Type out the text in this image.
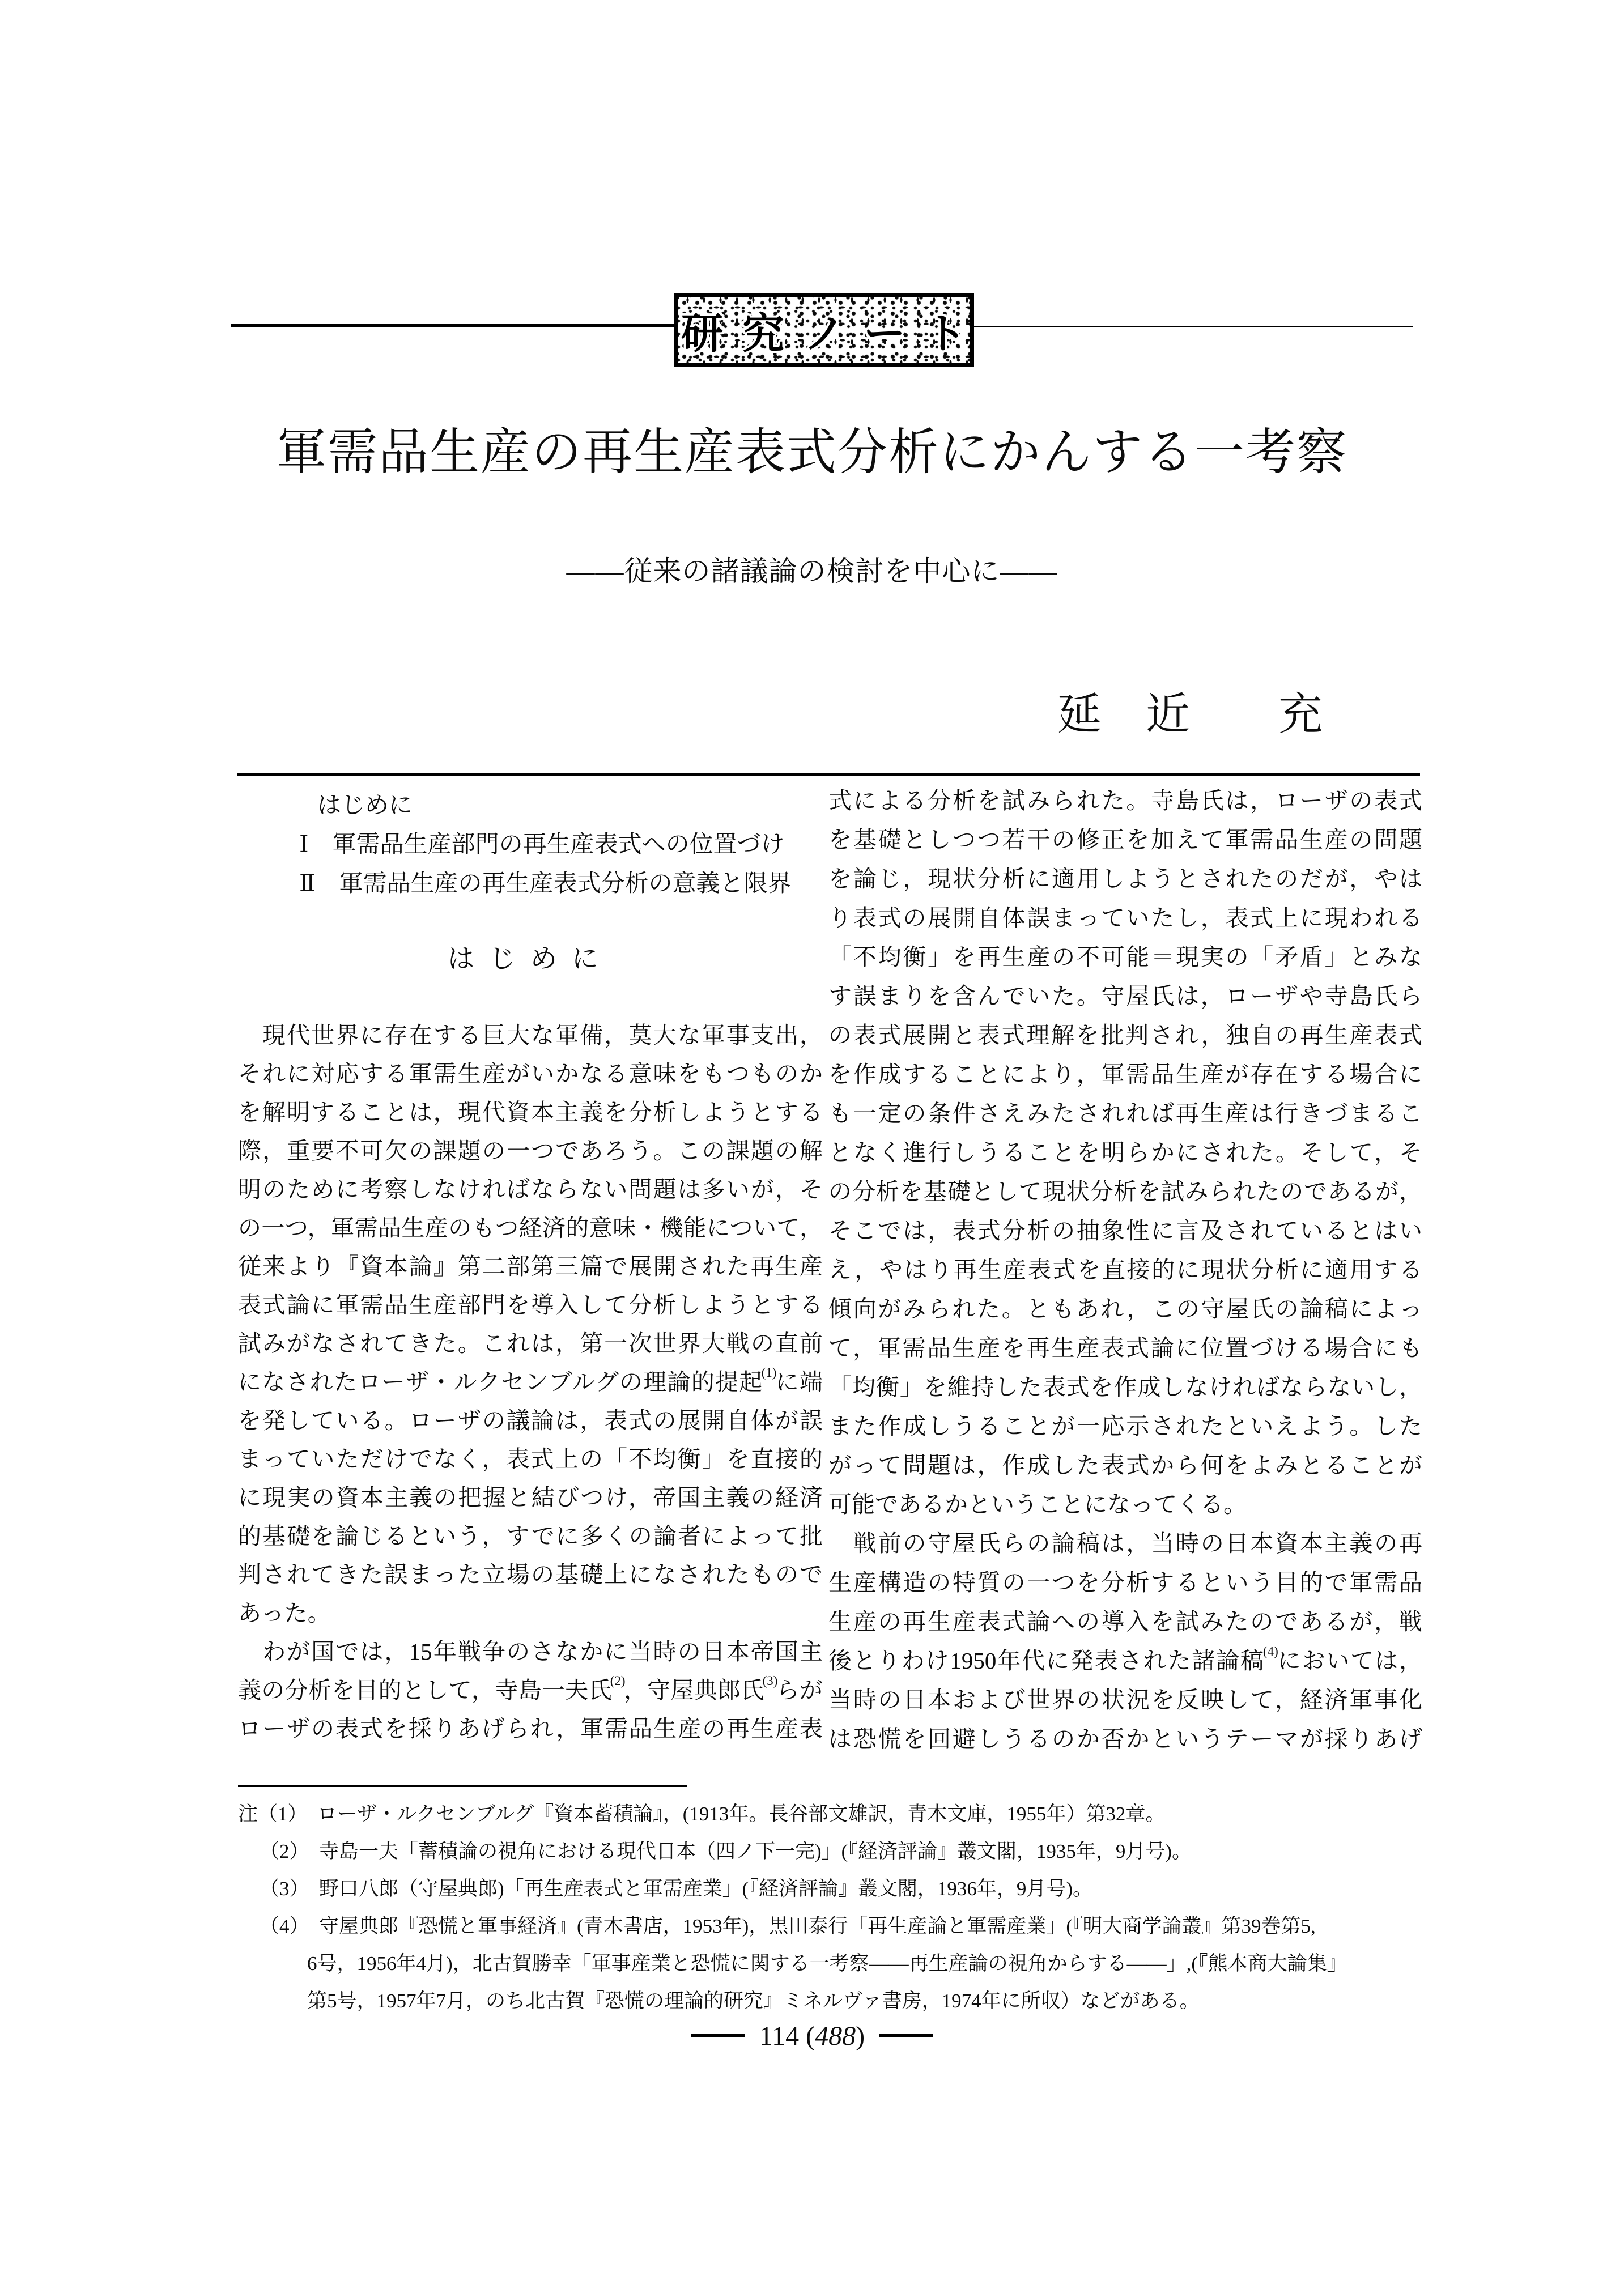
研究ノート
軍需品生産の再生産表式分析にかんする一考察
――従来の諸議論の検討を中心に――
延　近　　充
はじめに
Ⅰ　軍需品生産部門の再生産表式への位置づけ
Ⅱ　軍需品生産の再生産表式分析の意義と限界
はじめに
　現代世界に存在する巨大な軍備，莫大な軍事支出，
それに対応する軍需生産がいかなる意味をもつものか
を解明することは，現代資本主義を分析しようとする
際，重要不可欠の課題の一つであろう。この課題の解
明のために考察しなければならない問題は多いが，そ
の一つ，軍需品生産のもつ経済的意味・機能について，
従来より『資本論』第二部第三篇で展開された再生産
表式論に軍需品生産部門を導入して分析しようとする
試みがなされてきた。これは，第一次世界大戦の直前
になされたローザ・ルクセンブルグの理論的提起$^{(1)}$に端
を発している。ローザの議論は，表式の展開自体が誤
まっていただけでなく，表式上の「不均衡」を直接的
に現実の資本主義の把握と結びつけ，帝国主義の経済
的基礎を論じるという，すでに多くの論者によって批
判されてきた誤まった立場の基礎上になされたもので
あった。
　わが国では，15年戦争のさなかに当時の日本帝国主
義の分析を目的として，寺島一夫氏$^{(2)}$，守屋典郎氏$^{(3)}$らが
ローザの表式を採りあげられ，軍需品生産の再生産表
式による分析を試みられた。寺島氏は，ローザの表式
を基礎としつつ若干の修正を加えて軍需品生産の問題
を論じ，現状分析に適用しようとされたのだが，やは
り表式の展開自体誤まっていたし，表式上に現われる
「不均衡」を再生産の不可能＝現実の「矛盾」とみな
す誤まりを含んでいた。守屋氏は，ローザや寺島氏ら
の表式展開と表式理解を批判され，独自の再生産表式
を作成することにより，軍需品生産が存在する場合に
も一定の条件さえみたされれば再生産は行きづまるこ
となく進行しうることを明らかにされた。そして，そ
の分析を基礎として現状分析を試みられたのであるが，
そこでは，表式分析の抽象性に言及されているとはい
え，やはり再生産表式を直接的に現状分析に適用する
傾向がみられた。ともあれ，この守屋氏の論稿によっ
て，軍需品生産を再生産表式論に位置づける場合にも
「均衡」を維持した表式を作成しなければならないし，
また作成しうることが一応示されたといえよう。した
がって問題は，作成した表式から何をよみとることが
可能であるかということになってくる。
　戦前の守屋氏らの論稿は，当時の日本資本主義の再
生産構造の特質の一つを分析するという目的で軍需品
生産の再生産表式論への導入を試みたのであるが，戦
後とりわけ1950年代に発表された諸論稿$^{(4)}$においては，
当時の日本および世界の状況を反映して，経済軍事化
は恐慌を回避しうるのか否かというテーマが採りあげ
注（1）　ローザ・ルクセンブルグ『資本蓄積論』，(1913年。長谷部文雄訳，青木文庫，1955年）第32章。
（2）　寺島一夫「蓄積論の視角における現代日本（四ノ下一完)」(『経済評論』叢文閣，1935年，9月号)。
（3）　野口八郎（守屋典郎)「再生産表式と軍需産業」(『経済評論』叢文閣，1936年，9月号)。
（4）　守屋典郎『恐慌と軍事経済』(青木書店，1953年)，黒田泰行「再生産論と軍需産業」(『明大商学論叢』第39巻第5,
6号，1956年4月)，北古賀勝幸「軍事産業と恐慌に関する一考察――再生産論の視角からする――」,(『熊本商大論集』
第5号，1957年7月，のち北古賀『恐慌の理論的研究』ミネルヴァ書房，1974年に所収）などがある。
114 (488)
